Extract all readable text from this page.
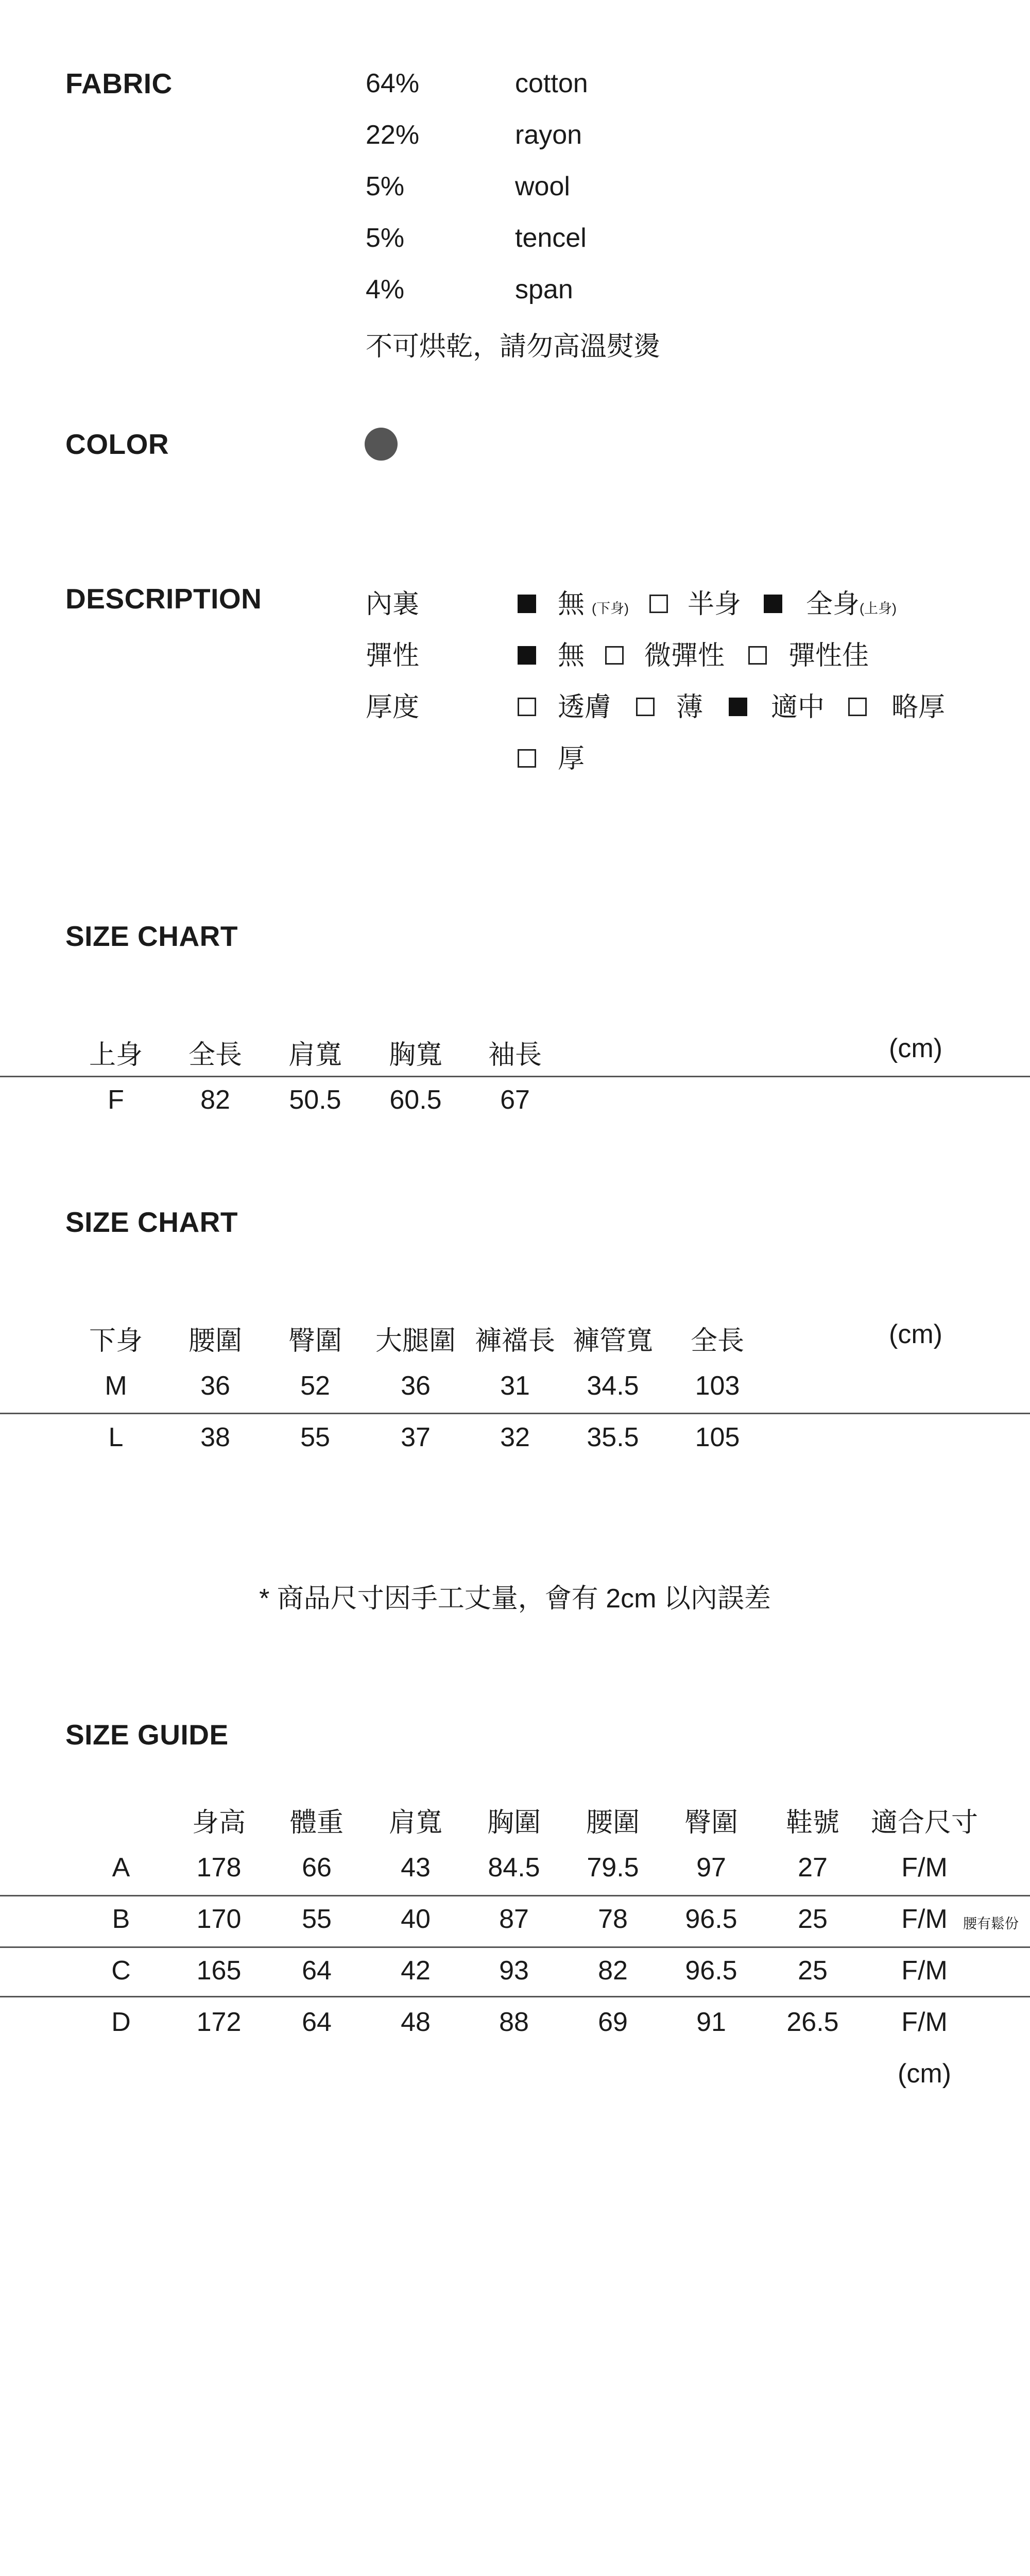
FABRIC	64%	cotton
22%	rayon
5%	wool
5%	tencel
4%	span
不可烘乾，請勿高溫熨燙
COLOR
DESCRIPTION	內裏	無 (下身) 半身 全身 (上身)
彈性	無 微彈性 彈性佳
厚度	透膚 薄	適中	略厚
厚
SIZE CHART
上身 全長 肩寬 胸寬 袖長	(cm)
F	82 50.5 60.5 67
SIZE CHART
下身 腰圍 臀圍 大腿圍 褲襠長 褲管寬 全長	(cm)
M	36	52	36	31 34.5 103
L	38	55	37	32 35.5 105
* 商品尺寸因手工丈量，會有 2cm 以內誤差
SIZE GUIDE
身高 體重 肩寬 胸圍 腰圍 臀圍 鞋號 適合尺寸
A 178 66	43 84.5 79.5 97	27	F/M
B 170 55	40	87	78 96.5 25	F/M 腰有鬆份
C 165 64	42	93	82 96.5 25	F/M
D 172 64	48	88	69	91 26.5 F/M
(cm)
